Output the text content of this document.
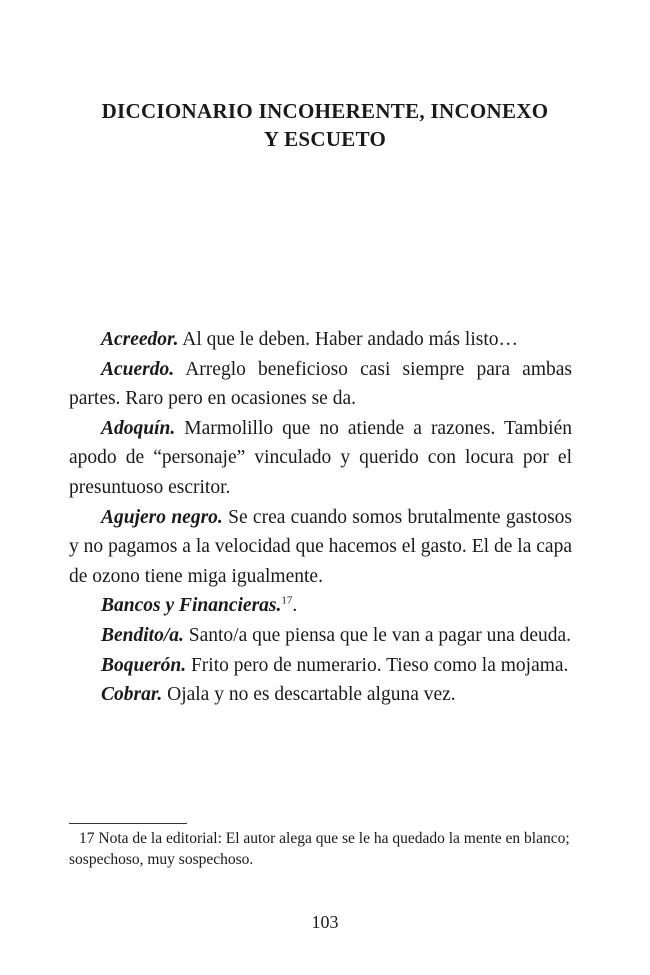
DICCIONARIO INCOHERENTE, INCONEXO
Y ESCUETO

Acreedor. Al que le deben. Haber andado más listo…

Acuerdo. Arreglo beneficioso casi siempre para ambas partes. Raro pero en ocasiones se da.

Adoquín. Marmolillo que no atiende a razones. También apodo de “personaje” vinculado y querido con locura por el presuntuoso escritor.

Agujero negro. Se crea cuando somos brutalmente gastosos y no pagamos a la velocidad que hacemos el gasto. El de la capa de ozono tiene miga igualmente.

Bancos y Financieras.$^{17}$.

Bendito/a. Santo/a que piensa que le van a pagar una deuda.

Boquerón. Frito pero de numerario. Tieso como la mojama.

Cobrar. Ojala y no es descartable alguna vez.

17 Nota de la editorial: El autor alega que se le ha quedado la mente en blanco; sospechoso, muy sospechoso.
103
